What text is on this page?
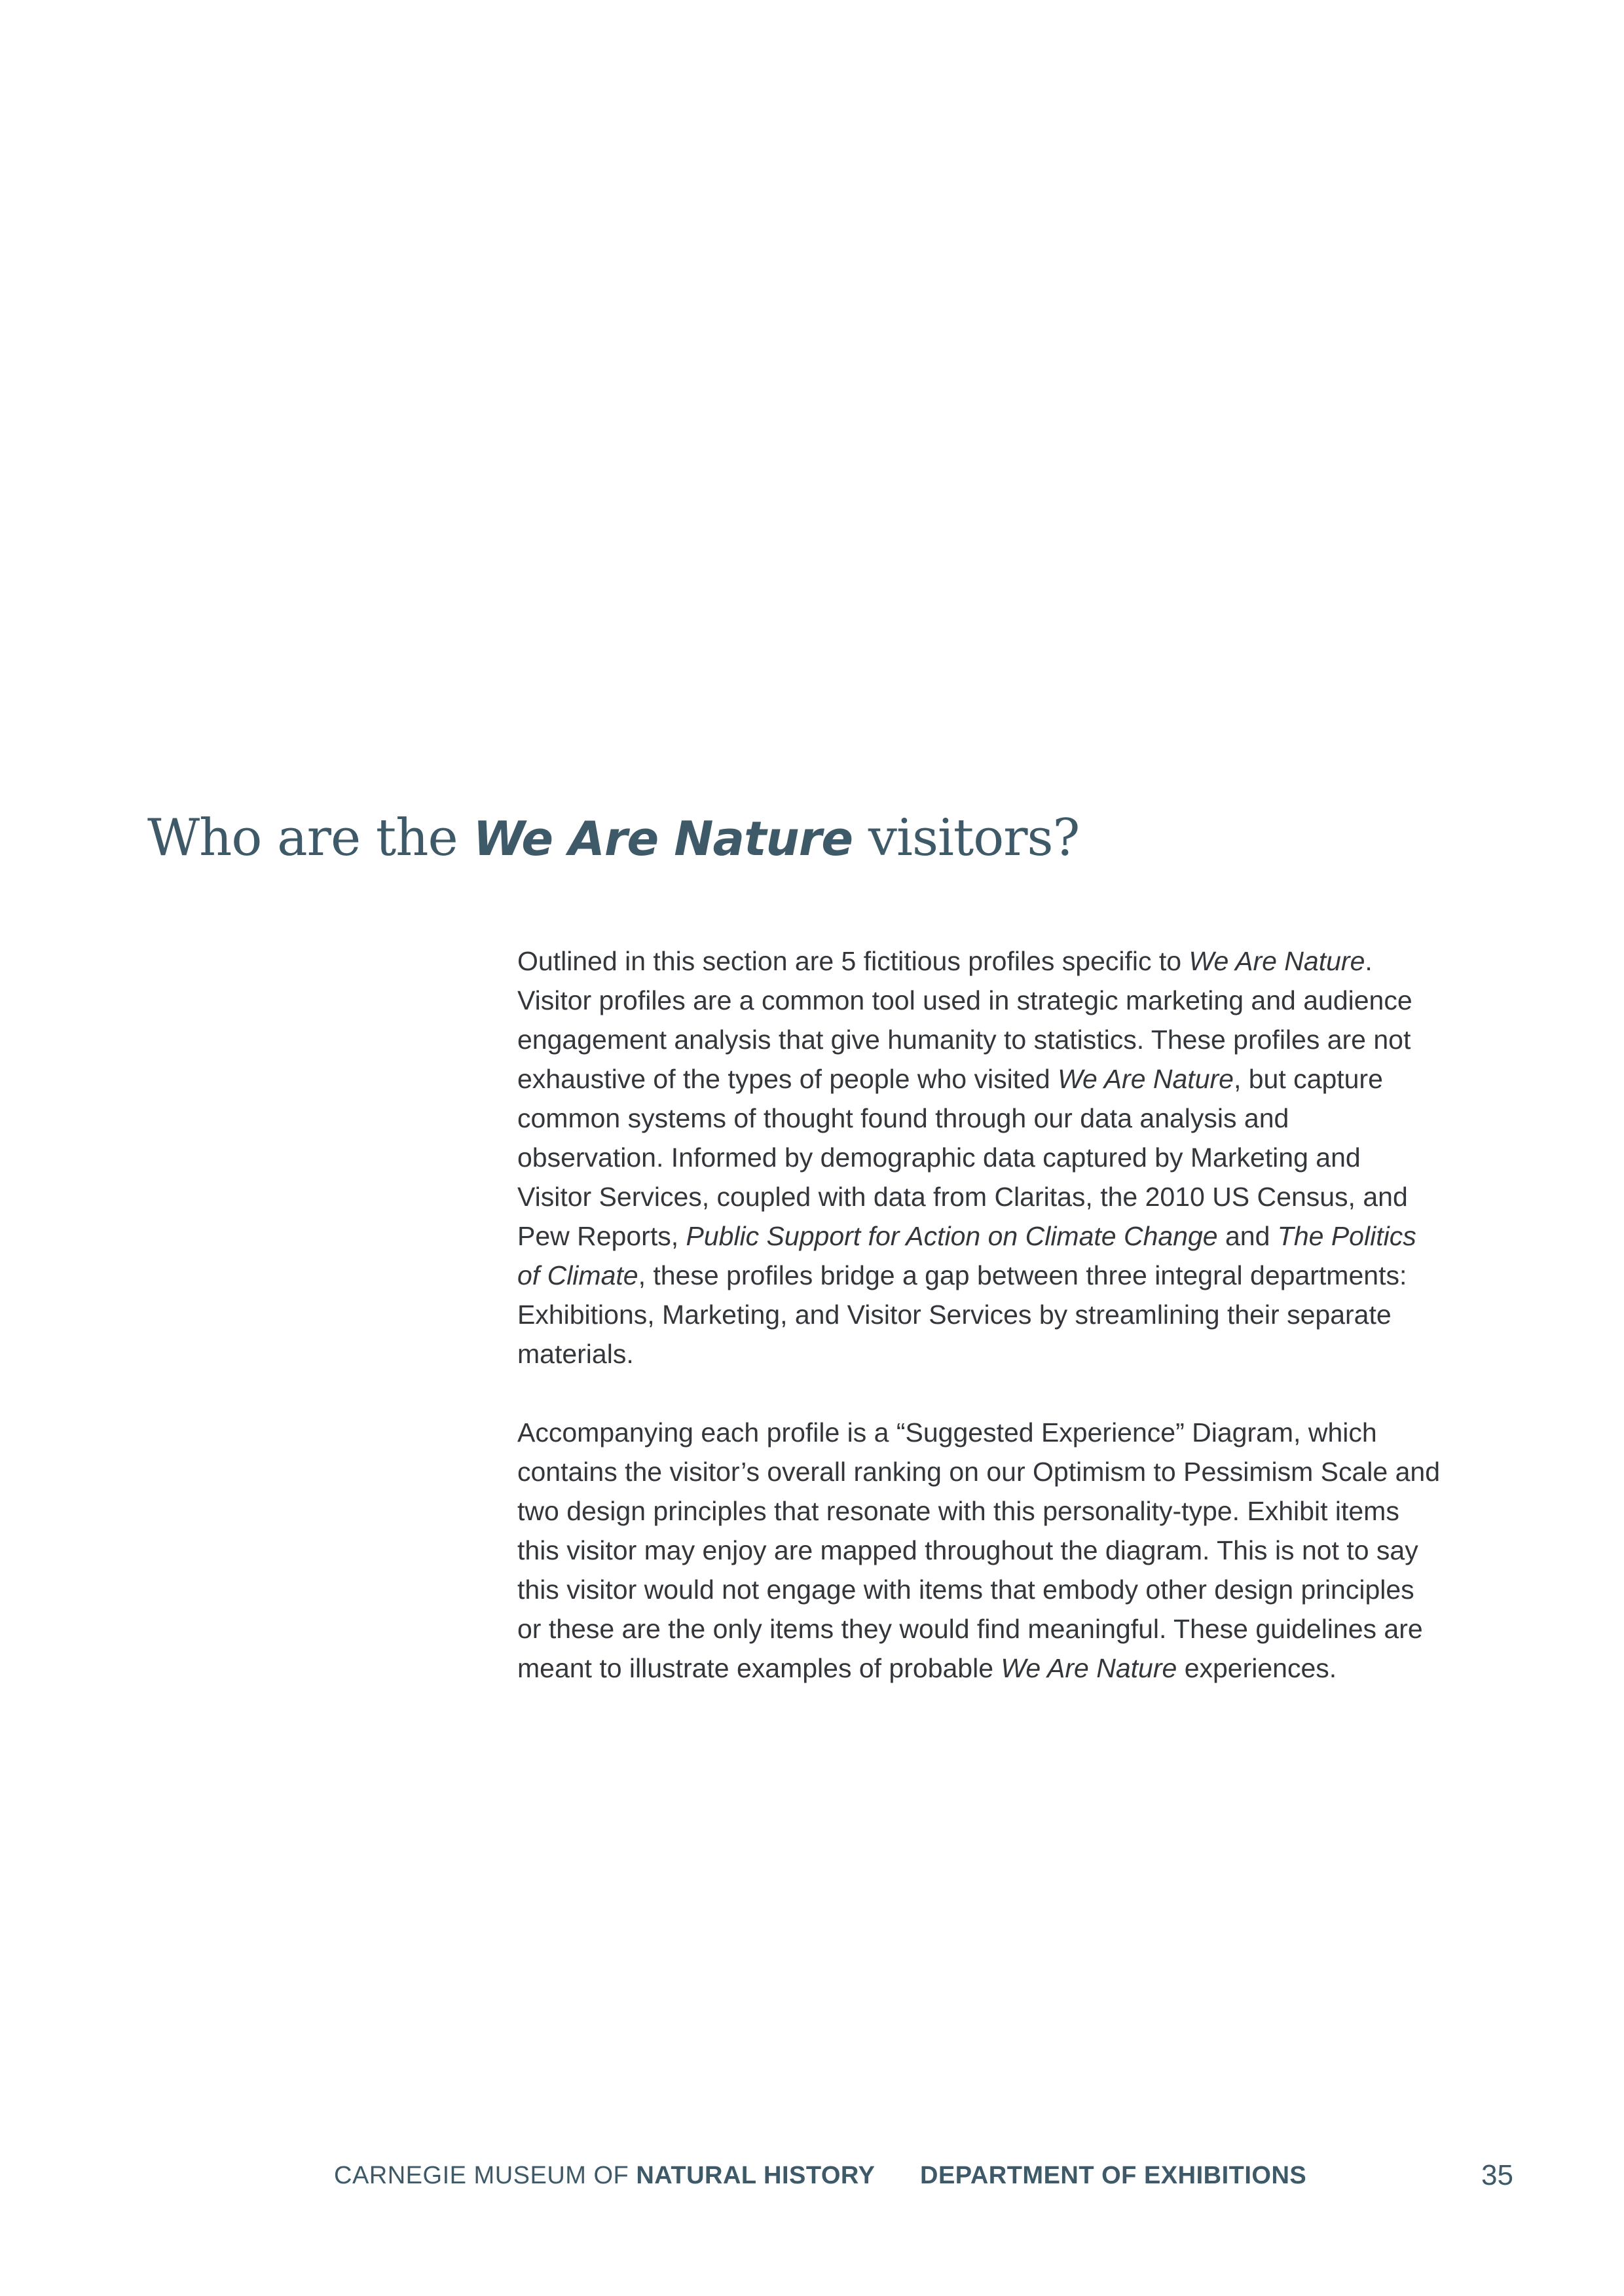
Who are the We Are Nature visitors?

Outlined in this section are 5 fictitious profiles specific to We Are Nature. Visitor profiles are a common tool used in strategic marketing and audience engagement analysis that give humanity to statistics. These profiles are not exhaustive of the types of people who visited We Are Nature, but capture common systems of thought found through our data analysis and observation. Informed by demographic data captured by Marketing and Visitor Services, coupled with data from Claritas, the 2010 US Census, and Pew Reports, Public Support for Action on Climate Change and The Politics of Climate, these profiles bridge a gap between three integral departments: Exhibitions, Marketing, and Visitor Services by streamlining their separate materials.

Accompanying each profile is a “Suggested Experience” Diagram, which contains the visitor’s overall ranking on our Optimism to Pessimism Scale and two design principles that resonate with this personality-type. Exhibit items this visitor may enjoy are mapped throughout the diagram. This is not to say this visitor would not engage with items that embody other design principles or these are the only items they would find meaningful. These guidelines are meant to illustrate examples of probable We Are Nature experiences.

CARNEGIE MUSEUM OF NATURAL HISTORY DEPARTMENT OF EXHIBITIONS	35
